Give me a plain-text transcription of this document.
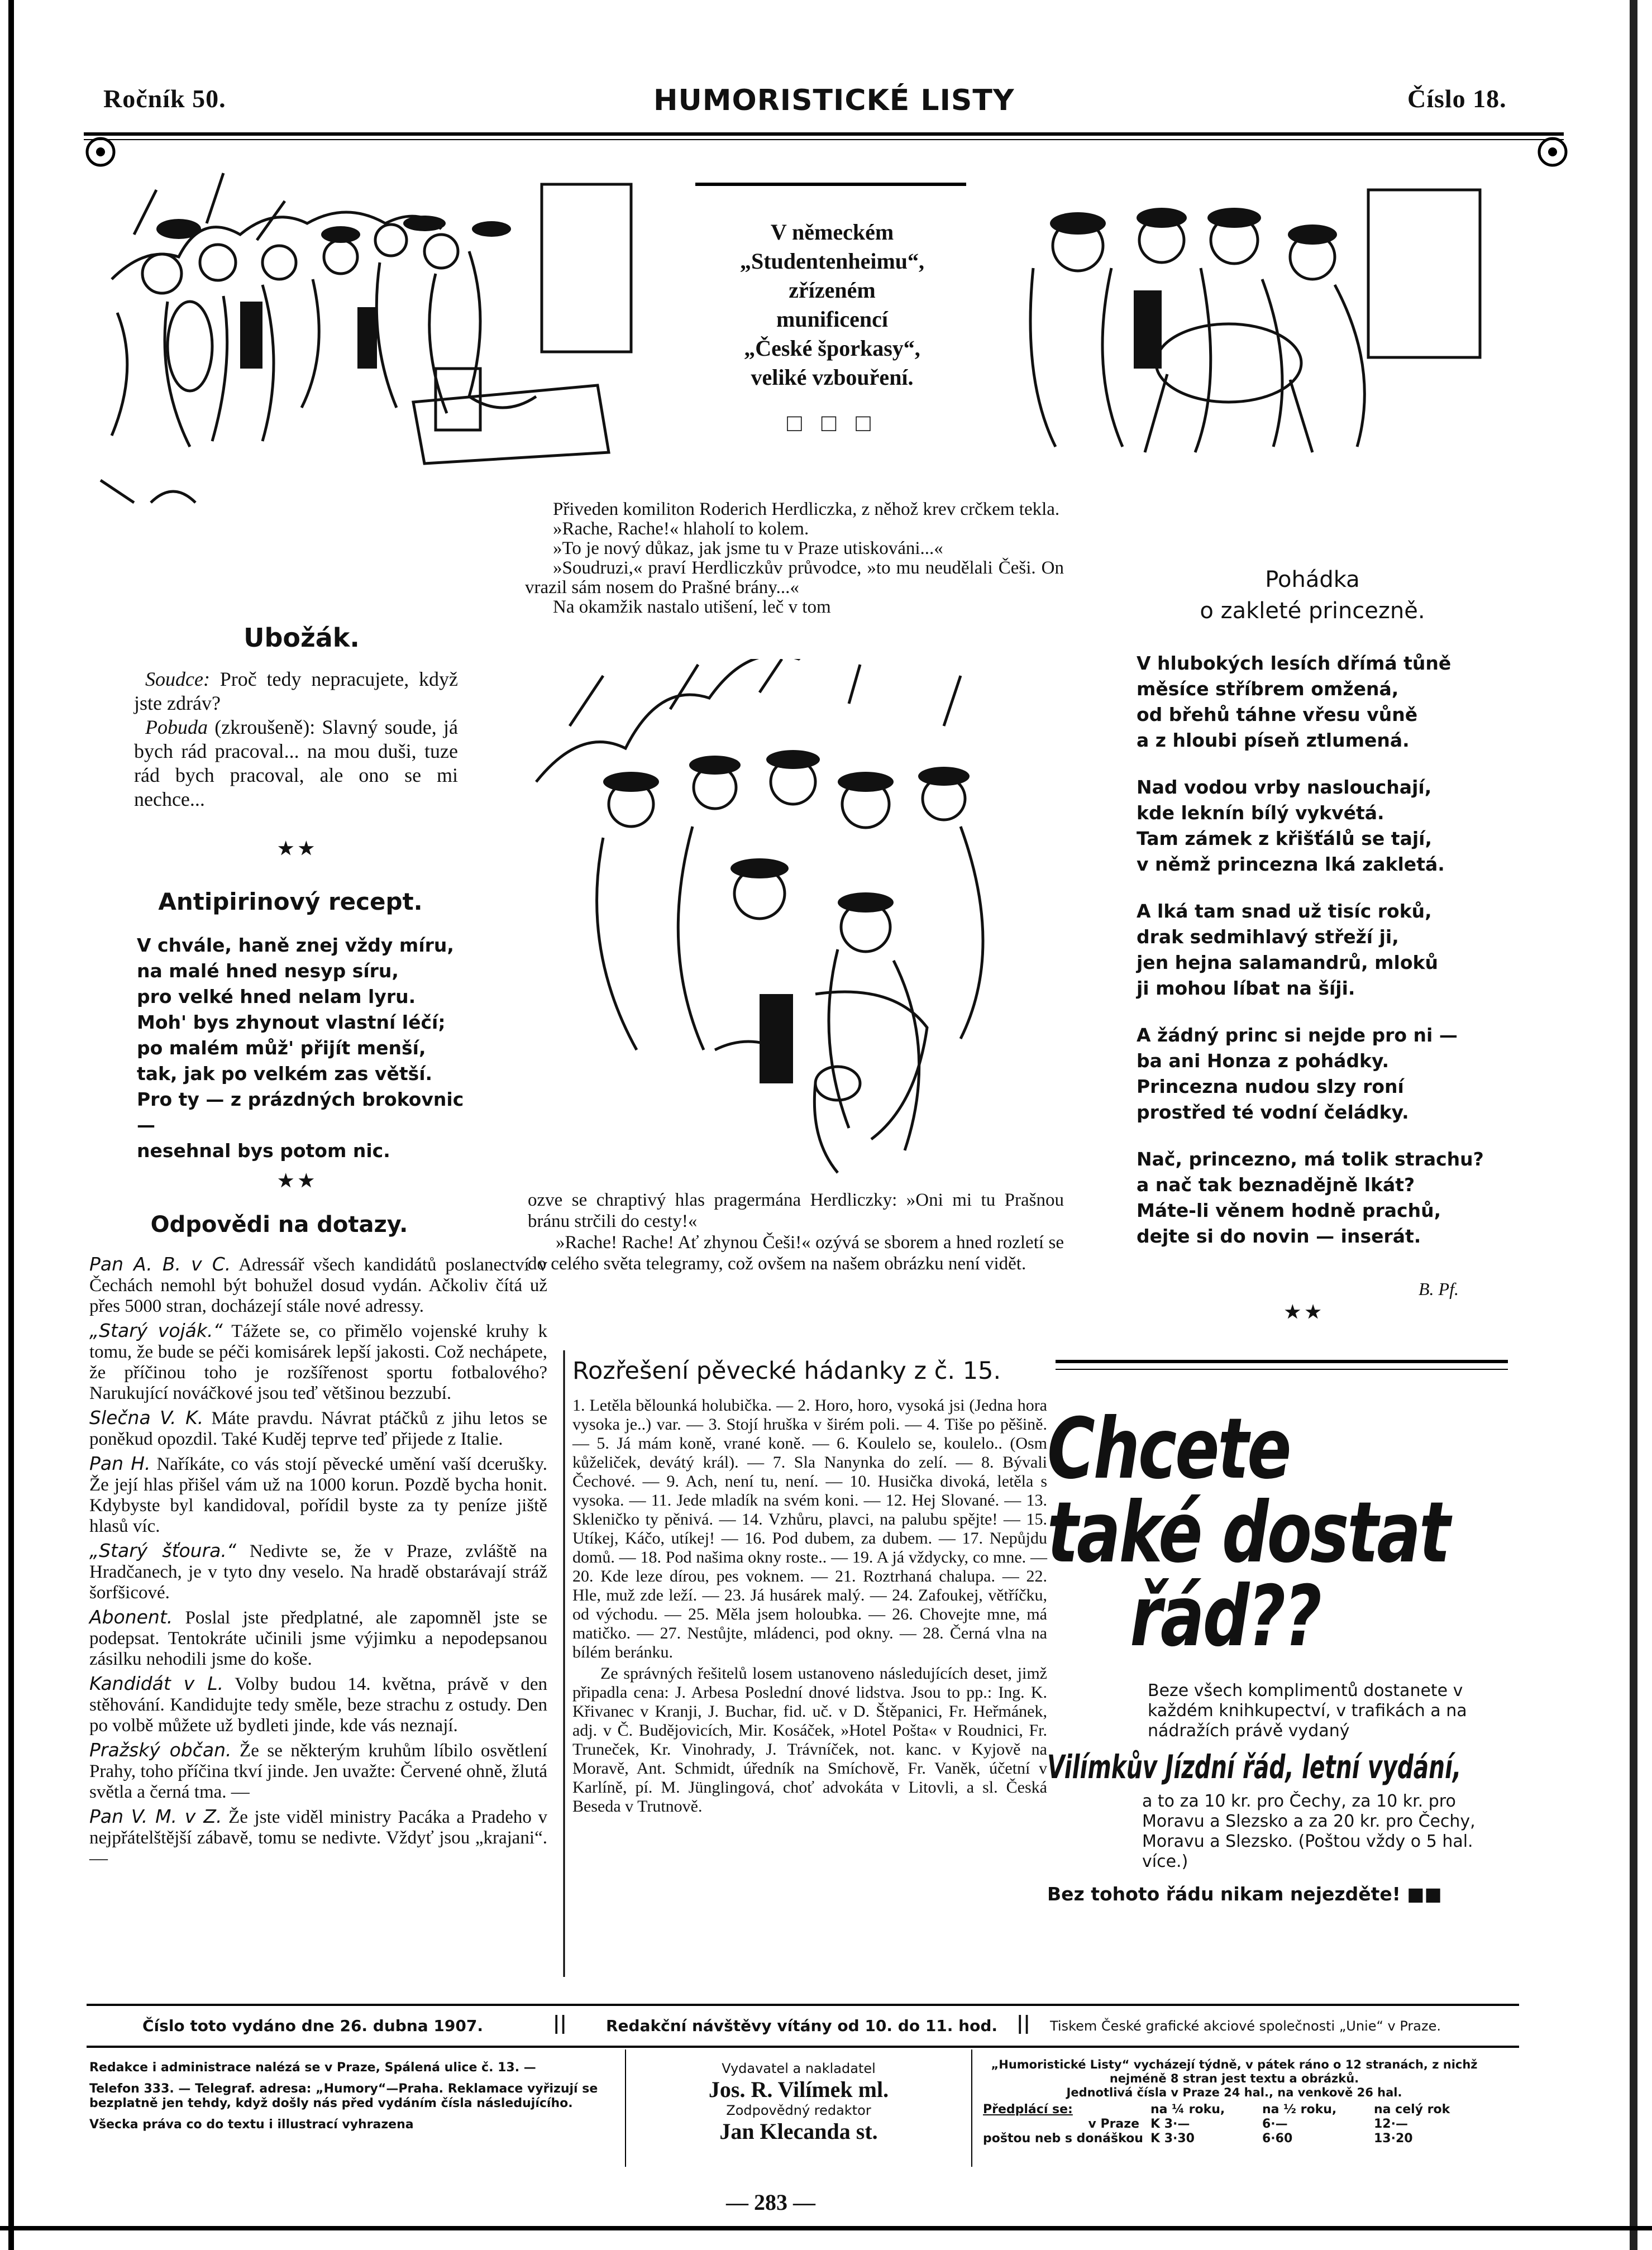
Ročník 50.	HUMORISTICKÉ LISTY	Číslo 18.
V německém
„Studentenheimu“,
zřízeném
munificencí
„České šporkasy“,
veliké vzbouření.
□ □ □
Přiveden komiliton Roderich Herdliczka, z něhož krev crčkem tekla.
»Rache, Rache!« hlaholí to kolem.
»To je nový důkaz, jak jsme tu v Praze utiskováni...«
»Soudruzi,« praví Herdliczkův průvodce, »to mu neudělali Češi. On vrazil sám nosem do Prašné brány...«
Na okamžik nastalo utišení, leč v tom
Ubožák.
Soudce: Proč tedy nepracujete, když jste zdráv?
Pobuda (zkroušeně): Slavný soude, já bych rád pracoval... na mou duši, tuze rád bych pracoval, ale ono se mi nechce...
★ ★
Antipirinový recept.
V chvále, haně znej vždy míru,
na malé hned nesyp síru,
pro velké hned nelam lyru.
Moh' bys zhynout vlastní léčí;
po malém můž' přijít menší,
tak, jak po velkém zas větší.
Pro ty — z prázdných brokovnic —
nesehnal bys potom nic.
★ ★
Odpovědi na dotazy.

Pan A. B. v C. Adressář všech kandidátů poslanectví v Čechách nemohl být bohužel dosud vydán. Ačkoliv čítá už přes 5000 stran, docházejí stále nové adressy.

„Starý voják.“ Tážete se, co přimělo vojenské kruhy k tomu, že bude se péči komisárek lepší jakosti. Což nechápete, že příčinou toho je rozšířenost sportu fotbalového? Narukující nováčkové jsou teď většinou bezzubí.

Slečna V. K. Máte pravdu. Návrat ptáčků z jihu letos se poněkud opozdil. Také Kuděj teprve teď přijede z Italie.

Pan H. Naříkáte, co vás stojí pěvecké umění vaší dcerušky. Že její hlas přišel vám už na 1000 korun. Pozdě bycha honit. Kdybyste byl kandidoval, pořídil byste za ty peníze jiště hlasů víc.

„Starý šťoura.“ Nedivte se, že v Praze, zvláště na Hradčanech, je v tyto dny veselo. Na hradě obstarávají stráž šorfšicové.

Abonent. Poslal jste předplatné, ale zapomněl jste se podepsat. Tentokráte učinili jsme výjimku a nepodepsanou zásilku nehodili jsme do koše.

Kandidát v L. Volby budou 14. května, právě v den stěhování. Kandidujte tedy směle, beze strachu z ostudy. Den po volbě můžete už bydleti jinde, kde vás neznají.

Pražský občan. Že se některým kruhům líbilo osvětlení Prahy, toho příčina tkví jinde. Jen uvažte: Červené ohně, žlutá světla a černá tma. —

Pan V. M. v Z. Že jste viděl ministry Pacáka a Pradeho v nejpřátelštější zábavě, tomu se nedivte. Vždyť jsou „krajani“. —

ozve se chraptivý hlas pragermána Herdliczky: »Oni mi tu Prašnou bránu strčili do cesty!«
»Rache! Rache! Ať zhynou Češi!« ozývá se sborem a hned rozletí se do celého světa telegramy, což ovšem na našem obrázku není vidět.
Pohádka
o zakleté princezně.
V hlubokých lesích dřímá tůně
měsíce stříbrem omžená,
od břehů táhne vřesu vůně
a z hloubi píseň ztlumená.
Nad vodou vrby naslouchají,
kde leknín bílý vykvétá.
Tam zámek z křišťálů se tají,
v němž princezna lká zakletá.
A lká tam snad už tisíc roků,
drak sedmihlavý střeží ji,
jen hejna salamandrů, mloků
ji mohou líbat na šíji.
A žádný princ si nejde pro ni —
ba ani Honza z pohádky.
Princezna nudou slzy roní
prostřed té vodní čeládky.
Nač, princezno, má tolik strachu?
a nač tak beznadějně lkát?
Máte-li věnem hodně prachů,
dejte si do novin — inserát.
B. Pf.
★ ★
Rozřešení pěvecké hádanky z č. 15.
1. Letěla bělounká holubička. — 2. Horo, horo, vysoká jsi (Jedna hora vysoka je..) var. — 3. Stojí hruška v širém poli. — 4. Tiše po pěšině. — 5. Já mám koně, vrané koně. — 6. Koulelo se, koulelo.. (Osm kůželiček, devátý král). — 7. Sla Nanynka do zelí. — 8. Bývali Čechové. — 9. Ach, není tu, není. — 10. Husička divoká, letěla s vysoka. — 11. Jede mladík na svém koni. — 12. Hej Slované. — 13. Skleničko ty pěnivá. — 14. Vzhůru, plavci, na palubu spějte! — 15. Utíkej, Káčo, utíkej! — 16. Pod dubem, za dubem. — 17. Nepůjdu domů. — 18. Pod našima okny roste.. — 19. A já vždycky, co mne. — 20. Kde leze dírou, pes voknem. — 21. Roztrhaná chalupa. — 22. Hle, muž zde leží. — 23. Já husárek malý. — 24. Zafoukej, větříčku, od východu. — 25. Měla jsem holoubka. — 26. Chovejte mne, má matičko. — 27. Nestůjte, mládenci, pod okny. — 28. Černá vlna na bílém beránku.
Ze správných řešitelů losem ustanoveno následujících deset, jimž připadla cena: J. Arbesa Poslední dnové lidstva. Jsou to pp.: Ing. K. Křivanec v Kranji, J. Buchar, fid. uč. v D. Štěpanici, Fr. Heřmánek, adj. v Č. Budějovicích, Mir. Kosáček, »Hotel Pošta« v Roudnici, Fr. Truneček, Kr. Vinohrady, J. Trávníček, not. kanc. v Kyjově na Moravě, Ant. Schmidt, úředník na Smíchově, Fr. Vaněk, účetní v Karlíně, pí. M. Jünglingová, choť advokáta v Litovli, a sl. Česká Beseda v Trutnově.
Chcete
také dostat
řád??
Beze všech komplimentů dostanete v každém knihkupectví, v trafikách a na nádražích právě vydaný
Vilímkův Jízdní řád, letní vydání,
a to za 10 kr. pro Čechy, za 10 kr. pro Moravu a Slezsko a za 20 kr. pro Čechy, Moravu a Slezsko. (Poštou vždy o 5 hal. více.)
Bez tohoto řádu nikam nejezděte! ■■
Číslo toto vydáno dne 26. dubna 1907.	||	Redakční návštěvy vítány od 10. do 11. hod. || Tiskem České grafické akciové společnosti „Unie“ v Praze.
Redakce i administrace nalézá se v Praze, Spálená ulice č. 13. —
Telefon 333. — Telegraf. adresa: „Humory“—Praha. Reklamace vyřizují se bezplatně jen tehdy, když došly nás před vydáním čísla následujícího.
Všecka práva co do textu i illustrací vyhrazena
Vydavatel a nakladatel
Jos. R. Vilímek ml.
Zodpovědný redaktor
Jan Klecanda st.
„Humoristické Listy“ vycházejí týdně, v pátek ráno o 12 stranách, z nichž nejméně 8 stran jest textu a obrázků.
Jednotlivá čísla v Praze 24 hal., na venkově 26 hal.
Předplácí se:	na ¼ roku,	na ½ roku,	na celý rok
v Praze K 3·—	6·—	12·—
poštou neb s donáškou K 3·30	6·60	13·20
— 283 —
